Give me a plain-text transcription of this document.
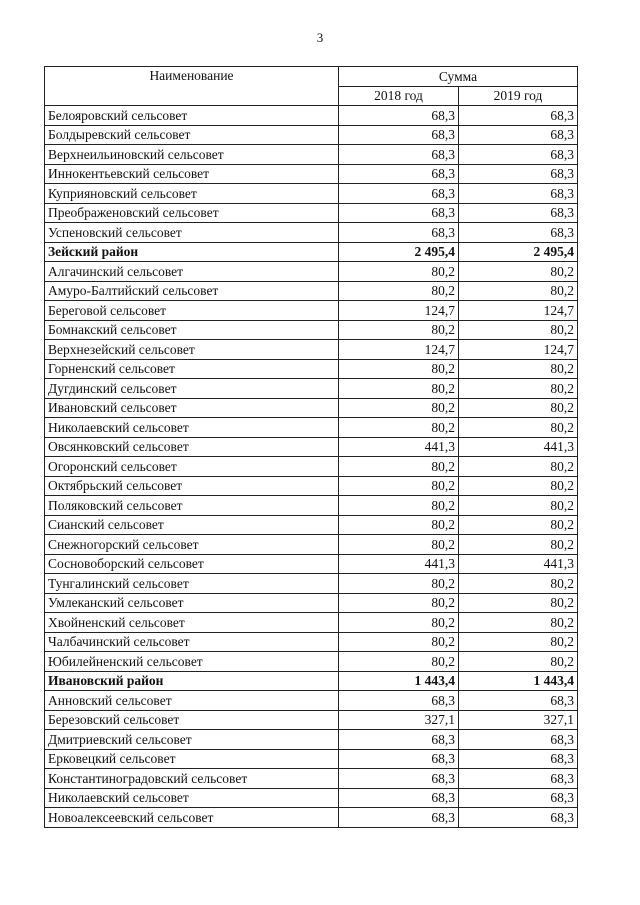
3
Наименование	Сумма	
	2018 год	2019 год
Белояровский сельсовет	68,3	68,3
Болдыревский сельсовет	68,3	68,3
Верхнеильиновский сельсовет	68,3	68,3
Иннокентьевский сельсовет	68,3	68,3
Куприяновский сельсовет	68,3	68,3
Преображеновский сельсовет	68,3	68,3
Успеновский сельсовет	68,3	68,3
Зейский район	2 495,4	2 495,4
Алгачинский сельсовет	80,2	80,2
Амуро-Балтийский сельсовет	80,2	80,2
Береговой сельсовет	124,7	124,7
Бомнакский сельсовет	80,2	80,2
Верхнезейский сельсовет	124,7	124,7
Горненский сельсовет	80,2	80,2
Дугдинский сельсовет	80,2	80,2
Ивановский сельсовет	80,2	80,2
Николаевский сельсовет	80,2	80,2
Овсянковский сельсовет	441,3	441,3
Огоронский сельсовет	80,2	80,2
Октябрьский сельсовет	80,2	80,2
Поляковский сельсовет	80,2	80,2
Сианский сельсовет	80,2	80,2
Снежногорский сельсовет	80,2	80,2
Сосновоборский сельсовет	441,3	441,3
Тунгалинский сельсовет	80,2	80,2
Умлеканский сельсовет	80,2	80,2
Хвойненский сельсовет	80,2	80,2
Чалбачинский сельсовет	80,2	80,2
Юбилейненский сельсовет	80,2	80,2
Ивановский район	1 443,4	1 443,4
Анновский сельсовет	68,3	68,3
Березовский сельсовет	327,1	327,1
Дмитриевский сельсовет	68,3	68,3
Ерковецкий сельсовет	68,3	68,3
Константиноградовский сельсовет	68,3	68,3
Николаевский сельсовет	68,3	68,3
Новоалексеевский сельсовет	68,3	68,3
